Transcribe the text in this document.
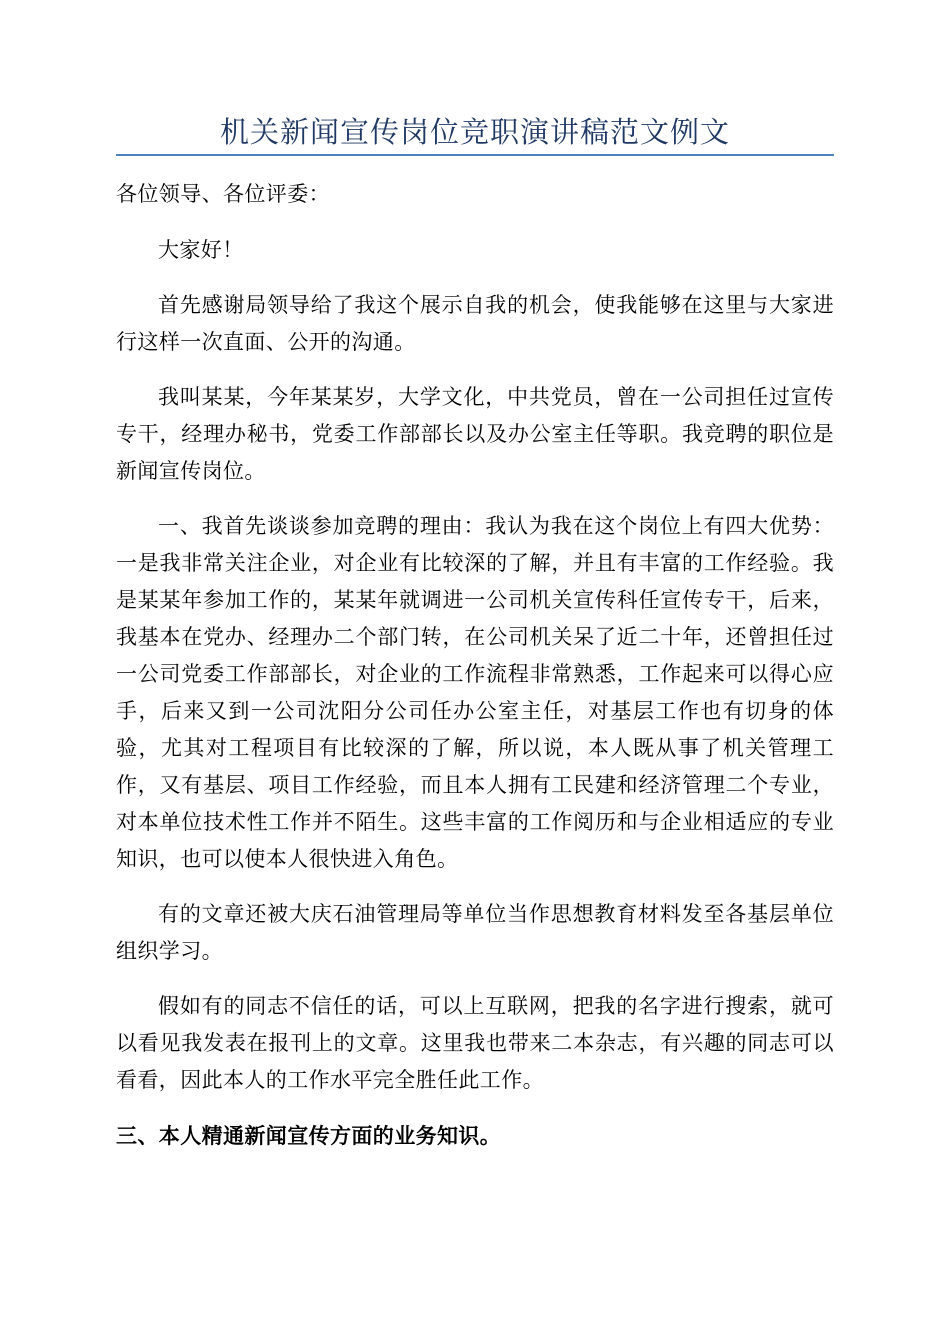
机关新闻宣传岗位竞职演讲稿范文例文

各位领导、各位评委：

大家好！

首先感谢局领导给了我这个展示自我的机会，使我能够在这里与大家进行这样一次直面、公开的沟通。

我叫某某，今年某某岁，大学文化，中共党员，曾在一公司担任过宣传专干，经理办秘书，党委工作部部长以及办公室主任等职。我竞聘的职位是新闻宣传岗位。

一、我首先谈谈参加竞聘的理由：我认为我在这个岗位上有四大优势：一是我非常关注企业，对企业有比较深的了解，并且有丰富的工作经验。我是某某年参加工作的，某某年就调进一公司机关宣传科任宣传专干，后来，我基本在党办、经理办二个部门转，在公司机关呆了近二十年，还曾担任过一公司党委工作部部长，对企业的工作流程非常熟悉，工作起来可以得心应手，后来又到一公司沈阳分公司任办公室主任，对基层工作也有切身的体验，尤其对工程项目有比较深的了解，所以说，本人既从事了机关管理工作，又有基层、项目工作经验，而且本人拥有工民建和经济管理二个专业，对本单位技术性工作并不陌生。这些丰富的工作阅历和与企业相适应的专业知识，也可以使本人很快进入角色。

有的文章还被大庆石油管理局等单位当作思想教育材料发至各基层单位组织学习。

假如有的同志不信任的话，可以上互联网，把我的名字进行搜索，就可以看见我发表在报刊上的文章。这里我也带来二本杂志，有兴趣的同志可以看看，因此本人的工作水平完全胜任此工作。

三、本人精通新闻宣传方面的业务知识。
